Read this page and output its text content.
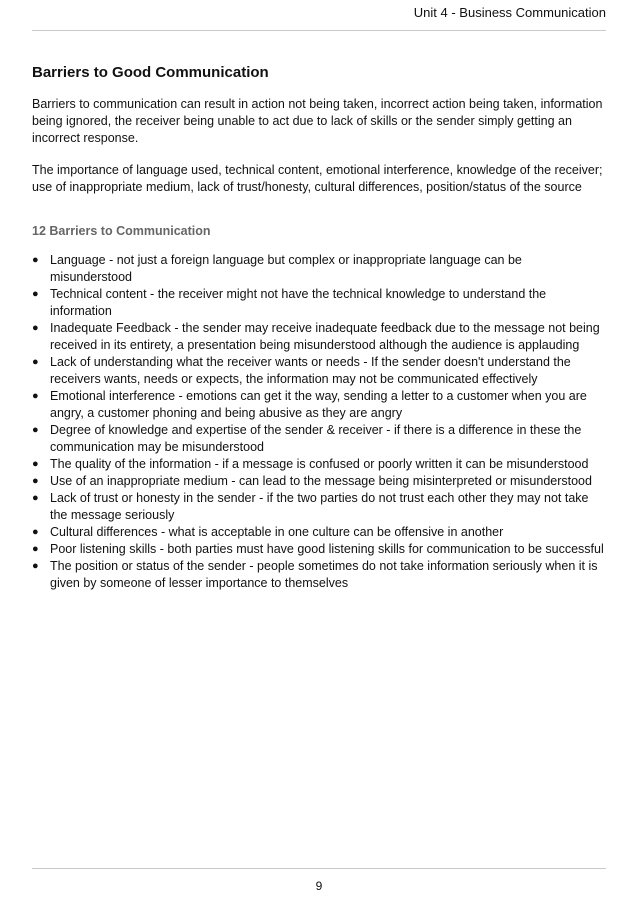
Unit 4 - Business Communication
Barriers to Good Communication

Barriers to communication can result in action not being taken, incorrect action being taken, information being ignored, the receiver being unable to act due to lack of skills or the sender simply getting an incorrect response.

The importance of language used, technical content, emotional interference, knowledge of the receiver; use of inappropriate medium, lack of trust/honesty, cultural differences, position/status of the source

12 Barriers to Communication
● Language - not just a foreign language but complex or inappropriate language can be misunderstood
● Technical content - the receiver might not have the technical knowledge to understand the information
● Inadequate Feedback - the sender may receive inadequate feedback due to the message not being received in its entirety, a presentation being misunderstood although the audience is applauding
● Lack of understanding what the receiver wants or needs - If the sender doesn't understand the receivers wants, needs or expects, the information may not be communicated effectively
● Emotional interference - emotions can get it the way, sending a letter to a customer when you are angry, a customer phoning and being abusive as they are angry
● Degree of knowledge and expertise of the sender & receiver - if there is a difference in these the communication may be misunderstood
● The quality of the information - if a message is confused or poorly written it can be misunderstood
● Use of an inappropriate medium - can lead to the message being misinterpreted or misunderstood
● Lack of trust or honesty in the sender - if the two parties do not trust each other they may not take the message seriously
● Cultural differences - what is acceptable in one culture can be offensive in another
● Poor listening skills - both parties must have good listening skills for communication to be successful
● The position or status of the sender - people sometimes do not take information seriously when it is given by someone of lesser importance to themselves
9
